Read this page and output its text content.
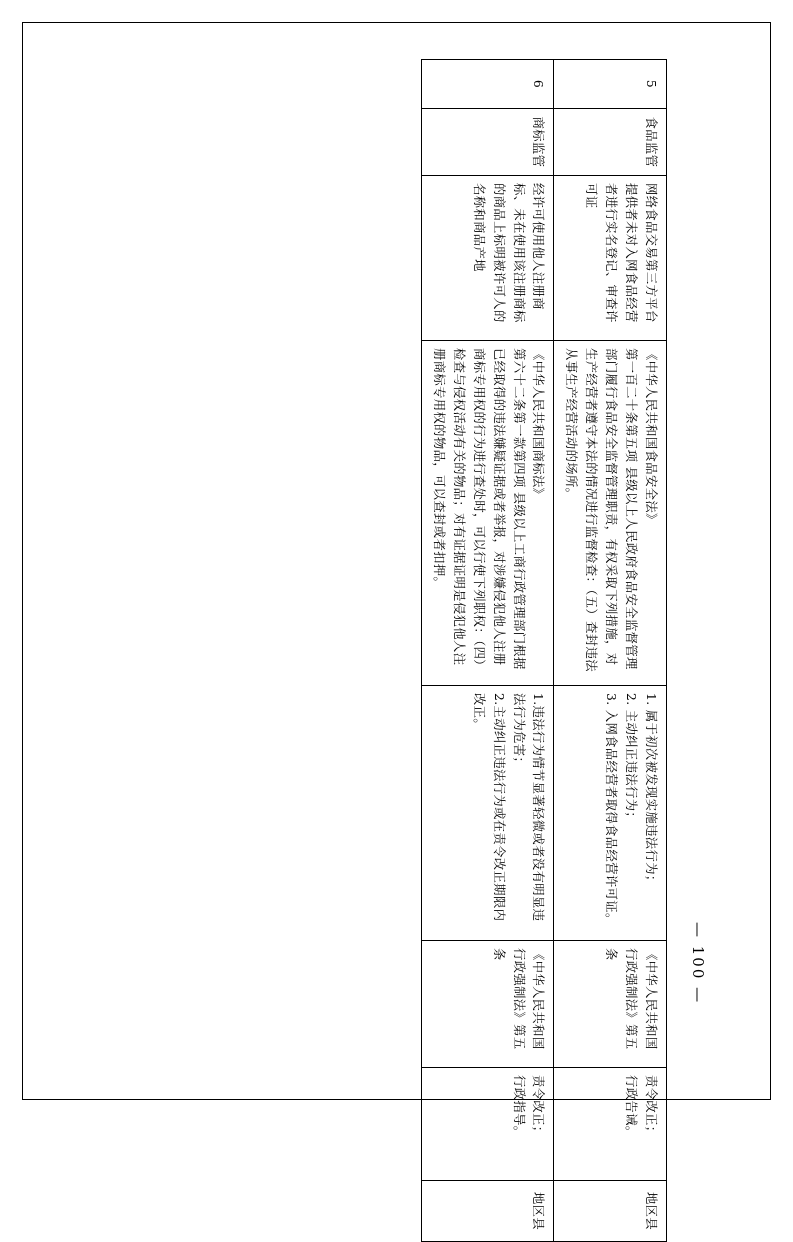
5	食品监管	网络食品交易第三方平台提供者未对入网食品经营者进行实名登记、审查许可证	《中华人民共和国食品安全法》
第一百二十条第五项 县级以上人民政府食品安全监督管理部门履行食品安全监督管理职责，有权采取下列措施，对生产经营者遵守本法的情况进行监督检查：（五）查封违法从事生产经营活动的场所。	1. 属于初次被发现实施违法行为；
2. 主动纠正违法行为；
3. 入网食品经营者取得食品经营许可证。	《中华人民共和国行政强制法》第五条	责令改正；
行政告诫。	地区县
6	商标监管	经许可使用他人注册商标、未在使用该注册商标的商品上标明被许可人的名称和商品产地	《中华人民共和国商标法》
第六十二条第一款第四项 县级以上工商行政管理部门根据已经取得的违法嫌疑证据或者举报，对涉嫌侵犯他人注册商标专用权的行为进行查处时，可以行使下列职权：（四）检查与侵权活动有关的物品；对有证据证明是侵犯他人注册商标专用权的物品，可以查封或者扣押。	1.违法行为情节显著轻微或者没有明显违法行为危害；
2.主动纠正违法行为或在责令改正期限内改正。	《中华人民共和国行政强制法》第五条	责令改正；
行政指导。	地区县
— 100 —
